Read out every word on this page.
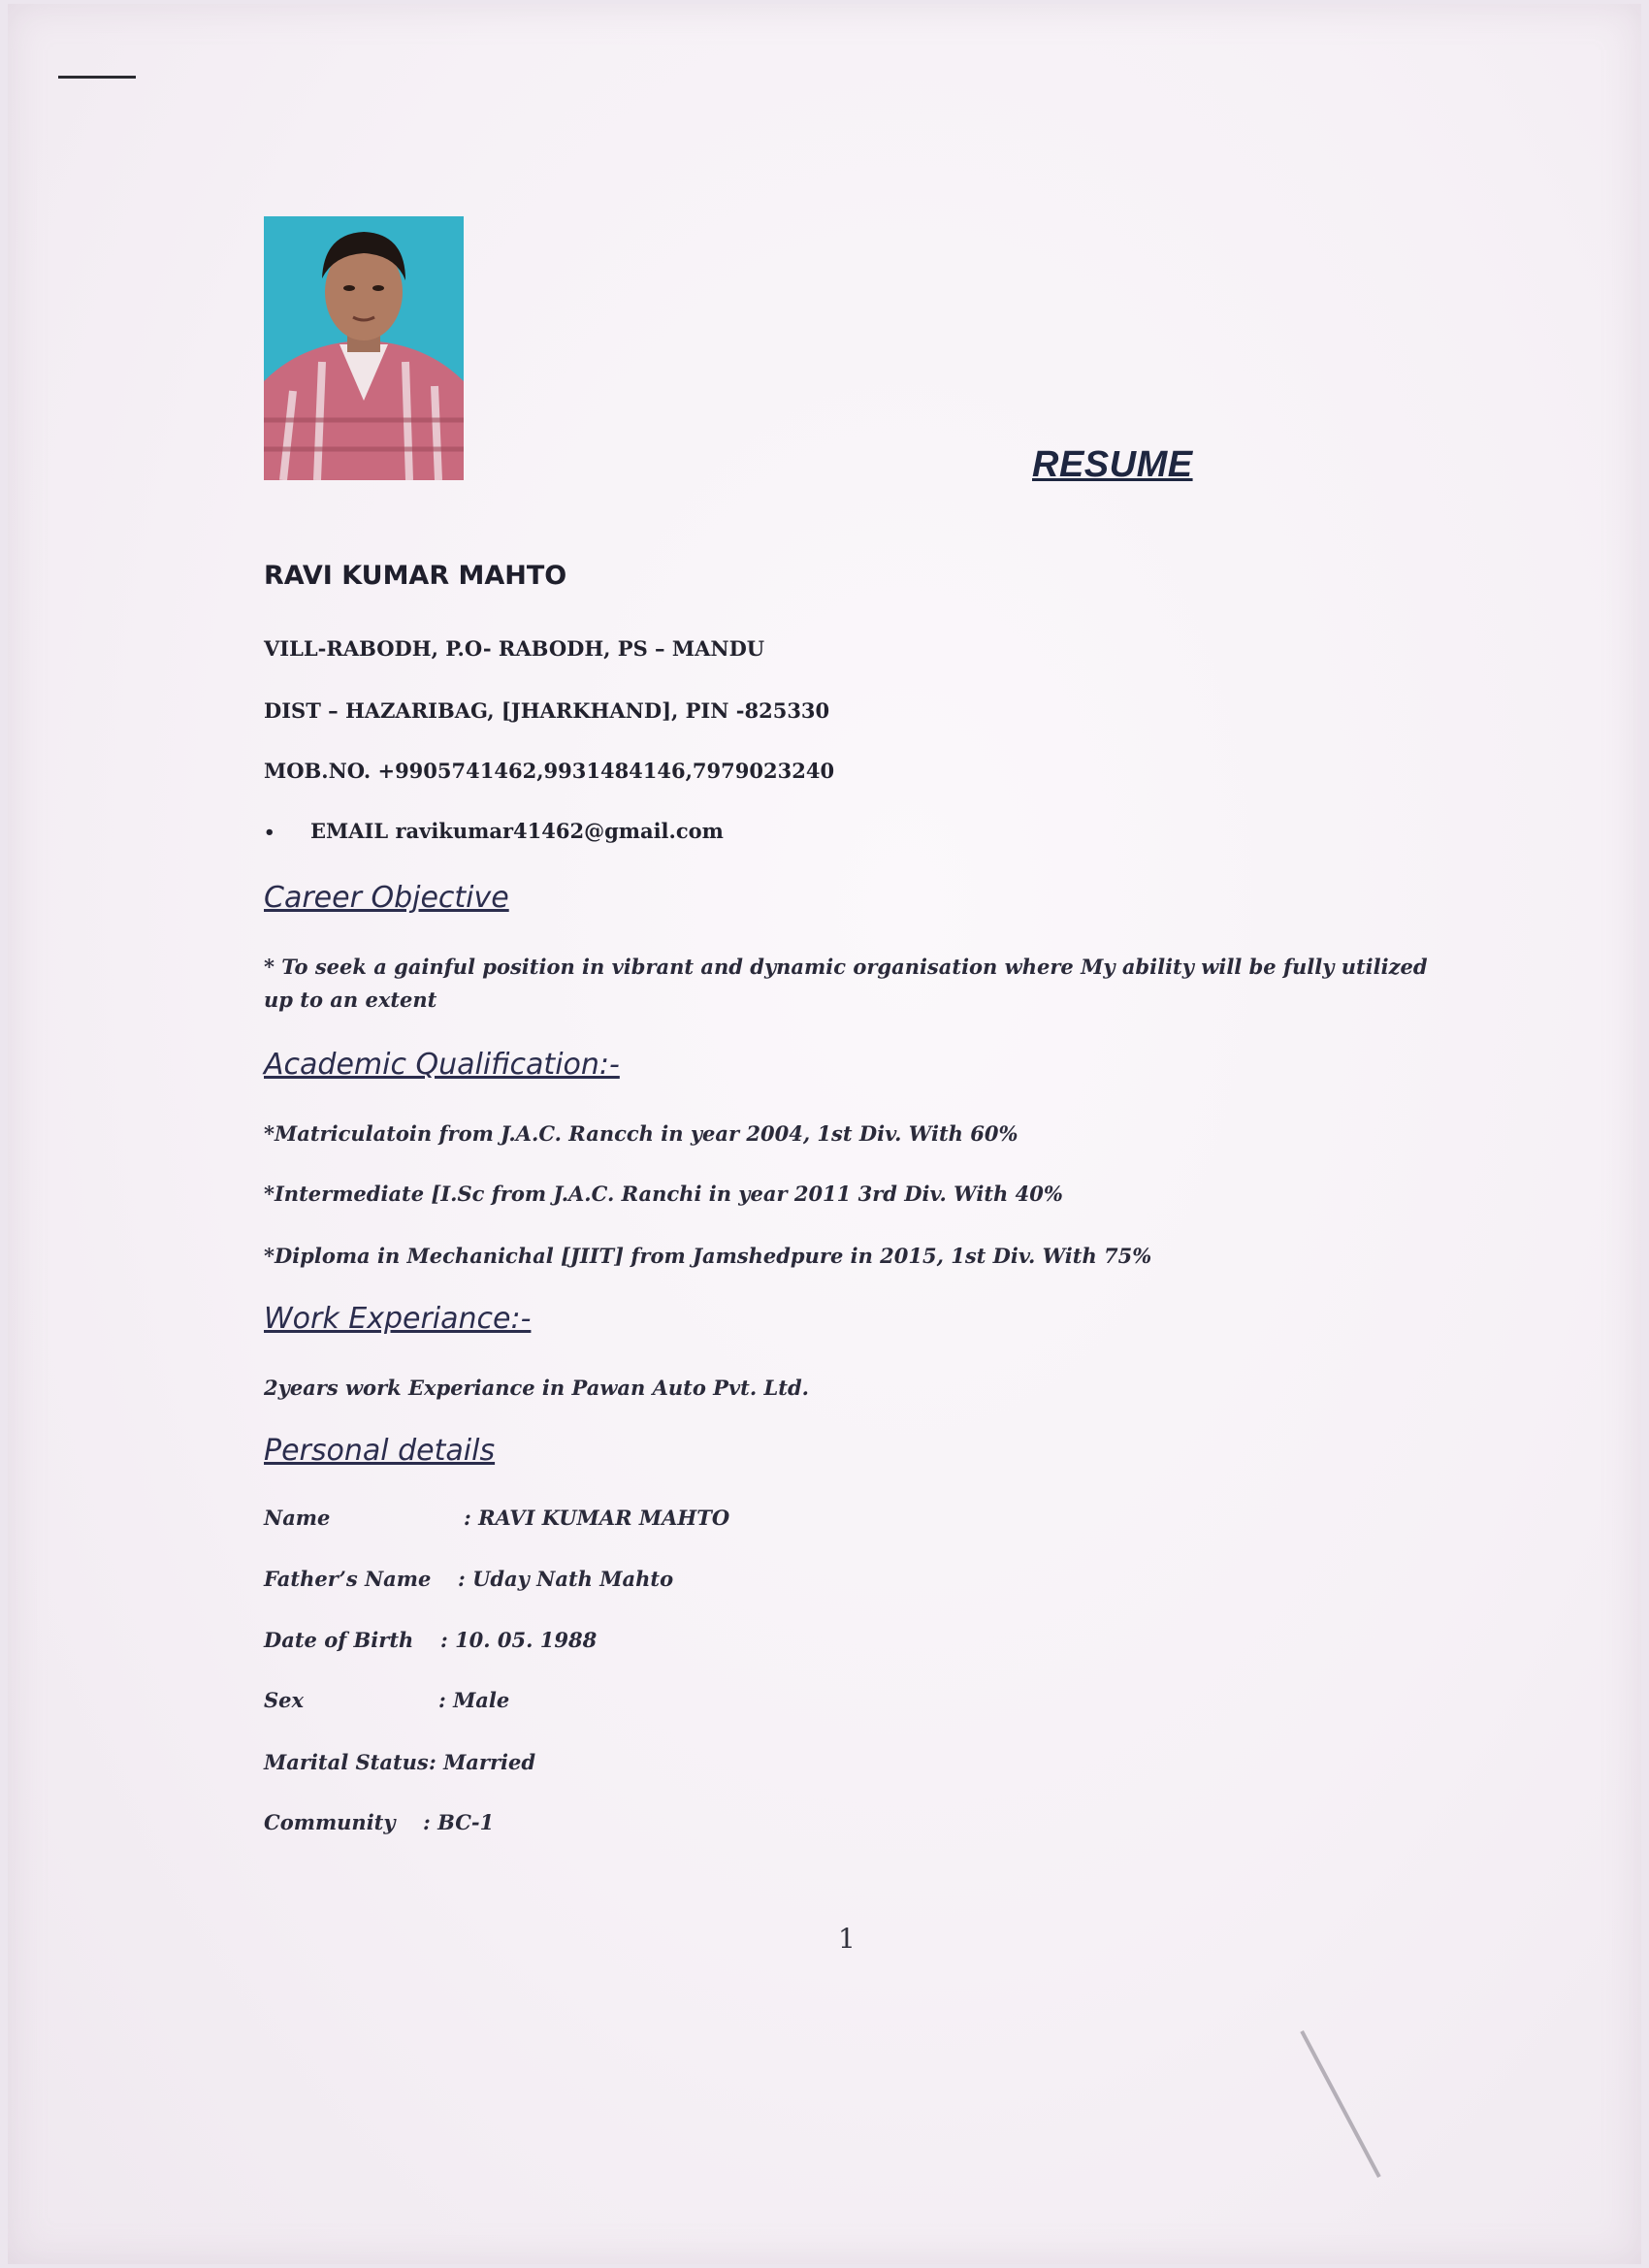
RESUME
RAVI KUMAR MAHTO
VILL-RABODH, P.O- RABODH, PS – MANDU
DIST – HAZARIBAG, [JHARKHAND], PIN -825330
MOB.NO. +9905741462,9931484146,7979023240
• EMAIL ravikumar41462@gmail.com
Career Objective
* To seek a gainful position in vibrant and dynamic organisation where My ability will be fully utilized up to an extent
Academic Qualification:-
*Matriculatoin from J.A.C. Rancch in year 2004, 1st Div. With 60%
*Intermediate [I.Sc from J.A.C. Ranchi in year 2011 3rd Div. With 40%
*Diploma in Mechanichal [JIIT] from Jamshedpure in 2015, 1st Div. With 75%
Work Experiance:-
2years work Experiance in Pawan Auto Pvt. Ltd.
Personal details
Name	: RAVI KUMAR MAHTO
Father’s Name : Uday Nath Mahto
Date of Birth : 10. 05. 1988
Sex	: Male
Marital Status : Married
Community : BC-1
1
